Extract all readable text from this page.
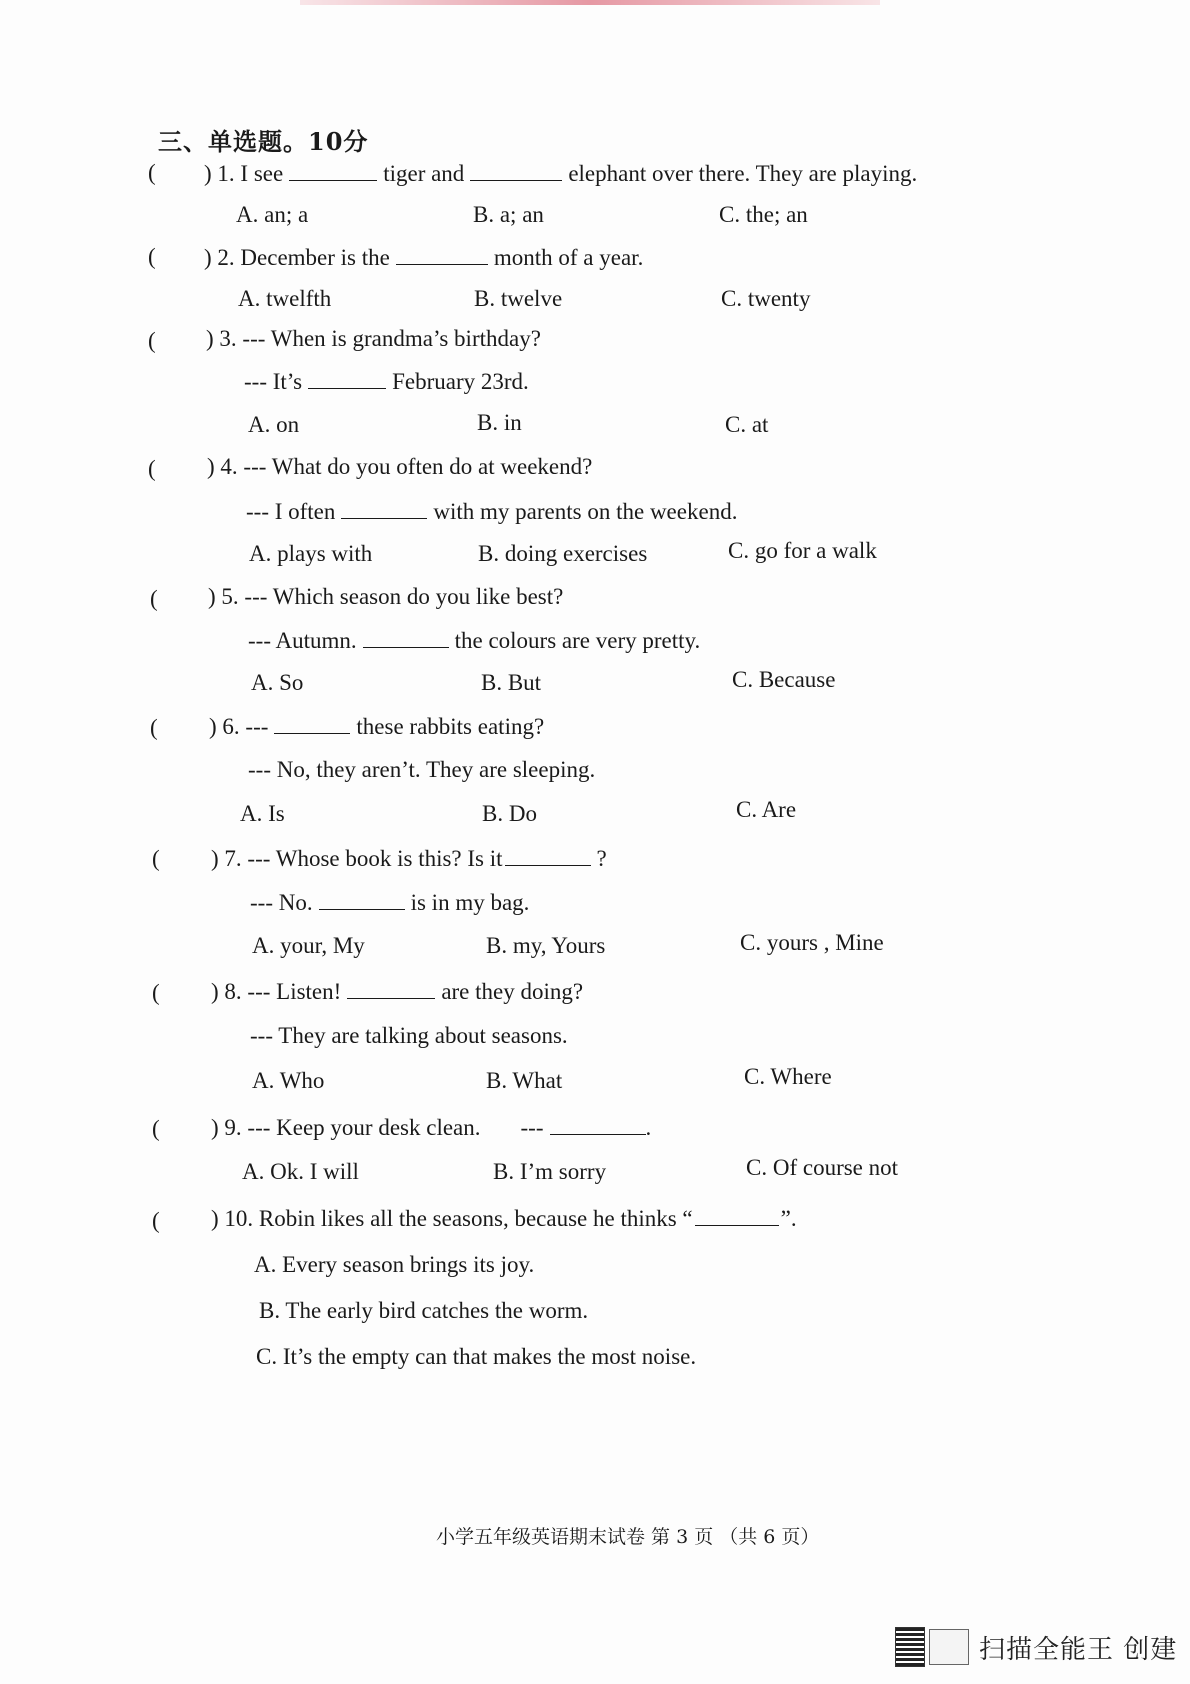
三、单选题。10分
( ) 1. I see	tiger and	elephant over there. They are playing.
A. an; a	B. a; an	C. the; an
( ) 2. December is the	month of a year.
A. twelfth	B. twelve	C. twenty
( ) 3. --- When is grandma’s birthday?
--- It’s	February 23rd.
A. on	B. in	C. at
( ) 4. --- What do you often do at weekend?
--- I often	with my parents on the weekend.
A. plays with	B. doing exercises	C. go for a walk
( ) 5. --- Which season do you like best?
--- Autumn.	the colours are very pretty.
A. So	B. But	C. Because
( ) 6. ---	these rabbits eating?
--- No, they aren’t. They are sleeping.
A. Is	B. Do	C. Are
( ) 7. --- Whose book is this? Is it	?
--- No.	is in my bag.
A. your, My	B. my, Yours	C. yours , Mine
( ) 8. --- Listen!	are they doing?
--- They are talking about seasons.
A. Who	B. What	C. Where
( ) 9. --- Keep your desk clean. ---	.
A. Ok. I will	B. I’m sorry	C. Of course not
( ) 10. Robin likes all the seasons, because he thinks “	”.
A. Every season brings its joy.
B. The early bird catches the worm.
C. It’s the empty can that makes the most noise.
小学五年级英语期末试卷 第 3 页 （共 6 页）
扫描全能王 创建
